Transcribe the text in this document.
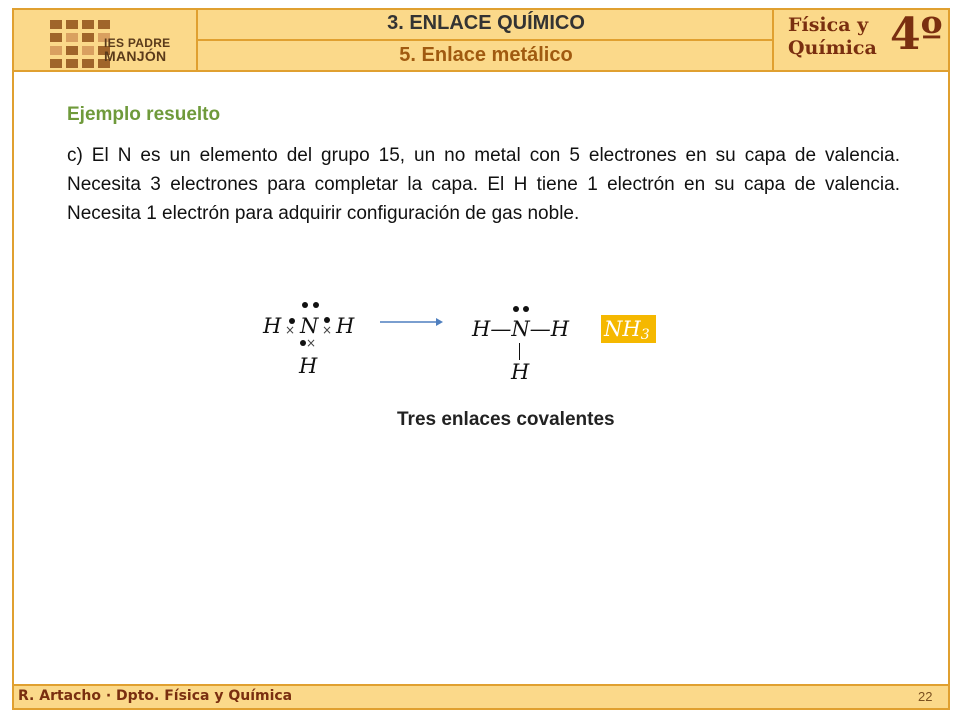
IES PADRE
MANJÓN
3. ENLACE QUÍMICO
5. Enlace metálico
Física y
Química 4º
Ejemplo resuelto
c) El N es un elemento del grupo 15, un no metal con 5 electrones en su capa de valencia. Necesita 3 electrones para completar la capa. El H tiene 1 electrón en su capa de valencia. Necesita 1 electrón para adquirir configuración de gas noble.
H N H
H
× ×
×
H—N—H
H
$NH_3$
Tres enlaces covalentes
R. Artacho · Dpto. Física y Química	22
